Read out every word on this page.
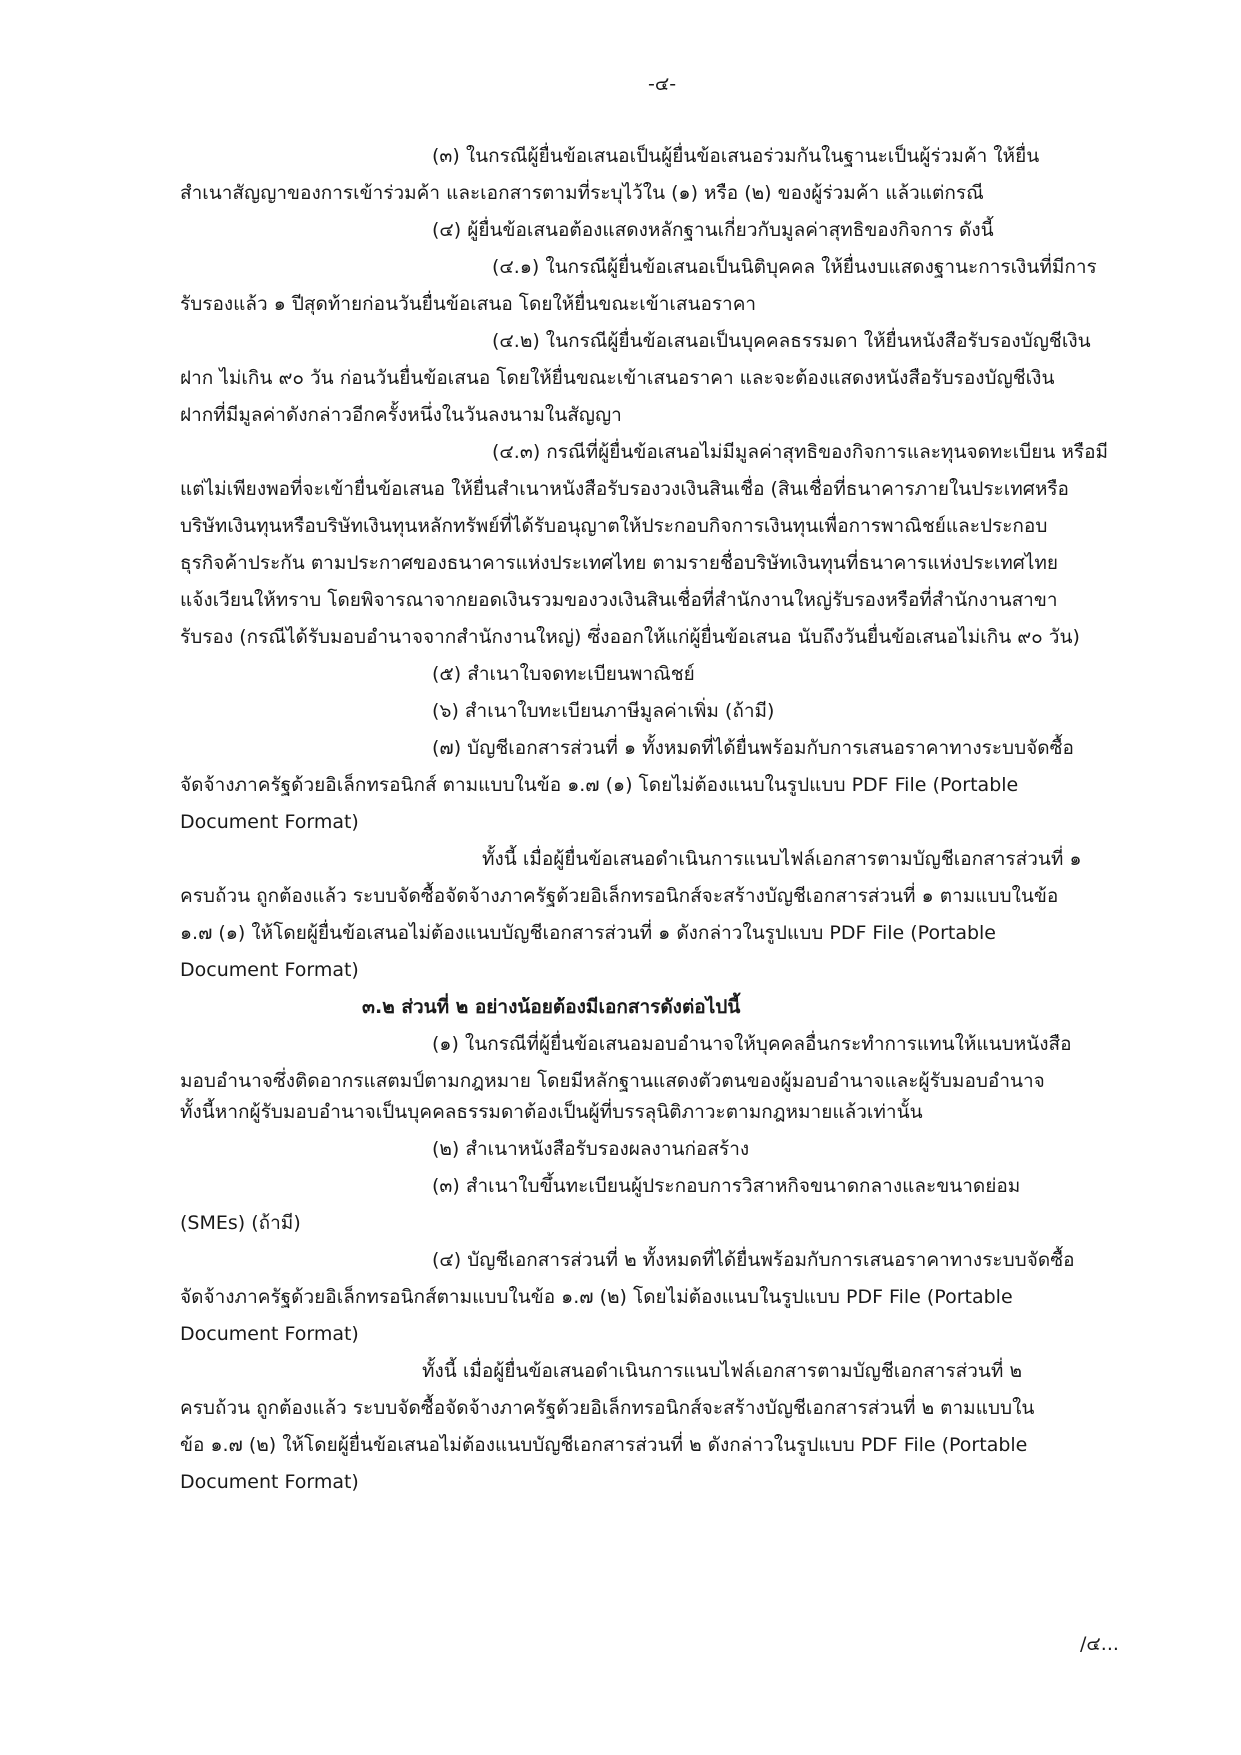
-๔-
(๓) ในกรณีผู้ยื่นข้อเสนอเป็นผู้ยื่นข้อเสนอร่วมกันในฐานะเป็นผู้ร่วมค้า ให้ยื่น
สำเนาสัญญาของการเข้าร่วมค้า และเอกสารตามที่ระบุไว้ใน (๑) หรือ (๒) ของผู้ร่วมค้า แล้วแต่กรณี
(๔) ผู้ยื่นข้อเสนอต้องแสดงหลักฐานเกี่ยวกับมูลค่าสุทธิของกิจการ ดังนี้
(๔.๑) ในกรณีผู้ยื่นข้อเสนอเป็นนิติบุคคล ให้ยื่นงบแสดงฐานะการเงินที่มีการ
รับรองแล้ว ๑ ปีสุดท้ายก่อนวันยื่นข้อเสนอ โดยให้ยื่นขณะเข้าเสนอราคา
(๔.๒) ในกรณีผู้ยื่นข้อเสนอเป็นบุคคลธรรมดา ให้ยื่นหนังสือรับรองบัญชีเงิน
ฝาก ไม่เกิน ๙๐ วัน ก่อนวันยื่นข้อเสนอ โดยให้ยื่นขณะเข้าเสนอราคา และจะต้องแสดงหนังสือรับรองบัญชีเงิน
ฝากที่มีมูลค่าดังกล่าวอีกครั้งหนึ่งในวันลงนามในสัญญา
(๔.๓) กรณีที่ผู้ยื่นข้อเสนอไม่มีมูลค่าสุทธิของกิจการและทุนจดทะเบียน หรือมี
แต่ไม่เพียงพอที่จะเข้ายื่นข้อเสนอ ให้ยื่นสำเนาหนังสือรับรองวงเงินสินเชื่อ (สินเชื่อที่ธนาคารภายในประเทศหรือ
บริษัทเงินทุนหรือบริษัทเงินทุนหลักทรัพย์ที่ได้รับอนุญาตให้ประกอบกิจการเงินทุนเพื่อการพาณิชย์และประกอบ
ธุรกิจค้าประกัน ตามประกาศของธนาคารแห่งประเทศไทย ตามรายชื่อบริษัทเงินทุนที่ธนาคารแห่งประเทศไทย
แจ้งเวียนให้ทราบ โดยพิจารณาจากยอดเงินรวมของวงเงินสินเชื่อที่สำนักงานใหญ่รับรองหรือที่สำนักงานสาขา
รับรอง (กรณีได้รับมอบอำนาจจากสำนักงานใหญ่) ซึ่งออกให้แก่ผู้ยื่นข้อเสนอ นับถึงวันยื่นข้อเสนอไม่เกิน ๙๐ วัน)
(๕) สำเนาใบจดทะเบียนพาณิชย์
(๖) สำเนาใบทะเบียนภาษีมูลค่าเพิ่ม (ถ้ามี)
(๗) บัญชีเอกสารส่วนที่ ๑ ทั้งหมดที่ได้ยื่นพร้อมกับการเสนอราคาทางระบบจัดซื้อ
จัดจ้างภาครัฐด้วยอิเล็กทรอนิกส์ ตามแบบในข้อ ๑.๗ (๑) โดยไม่ต้องแนบในรูปแบบ PDF File (Portable
Document Format)
ทั้งนี้ เมื่อผู้ยื่นข้อเสนอดำเนินการแนบไฟล์เอกสารตามบัญชีเอกสารส่วนที่ ๑
ครบถ้วน ถูกต้องแล้ว ระบบจัดซื้อจัดจ้างภาครัฐด้วยอิเล็กทรอนิกส์จะสร้างบัญชีเอกสารส่วนที่ ๑ ตามแบบในข้อ
๑.๗ (๑) ให้โดยผู้ยื่นข้อเสนอไม่ต้องแนบบัญชีเอกสารส่วนที่ ๑ ดังกล่าวในรูปแบบ PDF File (Portable
Document Format)
๓.๒ ส่วนที่ ๒ อย่างน้อยต้องมีเอกสารดังต่อไปนี้
(๑) ในกรณีที่ผู้ยื่นข้อเสนอมอบอำนาจให้บุคคลอื่นกระทำการแทนให้แนบหนังสือ
มอบอำนาจซึ่งติดอากรแสตมป์ตามกฎหมาย โดยมีหลักฐานแสดงตัวตนของผู้มอบอำนาจและผู้รับมอบอำนาจ
ทั้งนี้หากผู้รับมอบอำนาจเป็นบุคคลธรรมดาต้องเป็นผู้ที่บรรลุนิติภาวะตามกฎหมายแล้วเท่านั้น
(๒) สำเนาหนังสือรับรองผลงานก่อสร้าง
(๓) สำเนาใบขึ้นทะเบียนผู้ประกอบการวิสาหกิจขนาดกลางและขนาดย่อม
(SMEs) (ถ้ามี)
(๔) บัญชีเอกสารส่วนที่ ๒ ทั้งหมดที่ได้ยื่นพร้อมกับการเสนอราคาทางระบบจัดซื้อ
จัดจ้างภาครัฐด้วยอิเล็กทรอนิกส์ตามแบบในข้อ ๑.๗ (๒) โดยไม่ต้องแนบในรูปแบบ PDF File (Portable
Document Format)
ทั้งนี้ เมื่อผู้ยื่นข้อเสนอดำเนินการแนบไฟล์เอกสารตามบัญชีเอกสารส่วนที่ ๒
ครบถ้วน ถูกต้องแล้ว ระบบจัดซื้อจัดจ้างภาครัฐด้วยอิเล็กทรอนิกส์จะสร้างบัญชีเอกสารส่วนที่ ๒ ตามแบบใน
ข้อ ๑.๗ (๒) ให้โดยผู้ยื่นข้อเสนอไม่ต้องแนบบัญชีเอกสารส่วนที่ ๒ ดังกล่าวในรูปแบบ PDF File (Portable
Document Format)
/๔...
